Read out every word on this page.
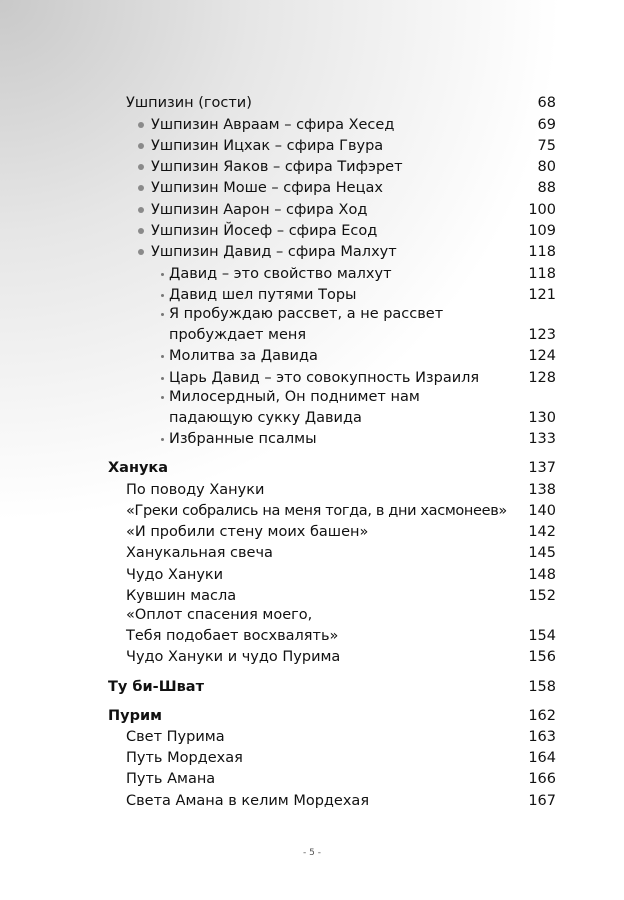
Ушпизин (гости)	68
Ушпизин Авраам – сфира Хесед	69
Ушпизин Ицхак – сфира Гвура	75
Ушпизин Яаков – сфира Тифэрет	80
Ушпизин Моше – сфира Нецах	88
Ушпизин Аарон – сфира Ход	100
Ушпизин Йосеф – сфира Есод	109
Ушпизин Давид – сфира Малхут	118
Давид – это свойство малхут	118
Давид шел путями Торы	121
Я пробуждаю рассвет, а не рассвет
пробуждает меня	123
Молитва за Давида	124
Царь Давид – это совокупность Израиля	128
Милосердный, Он поднимет нам
падающую сукку Давида	130
Избранные псалмы	133
Ханука	137
По поводу Хануки	138
«Греки собрались на меня тогда, в дни хасмонеев»	140
«И пробили стену моих башен»	142
Ханукальная свеча	145
Чудо Хануки	148
Кувшин масла	152
«Оплот спасения моего,
Тебя подобает восхвалять»	154
Чудо Хануки и чудо Пурима	156
Ту би-Шват	158
Пурим	162
Свет Пурима	163
Путь Мордехая	164
Путь Амана	166
Света Амана в келим Мордехая	167
- 5 -
